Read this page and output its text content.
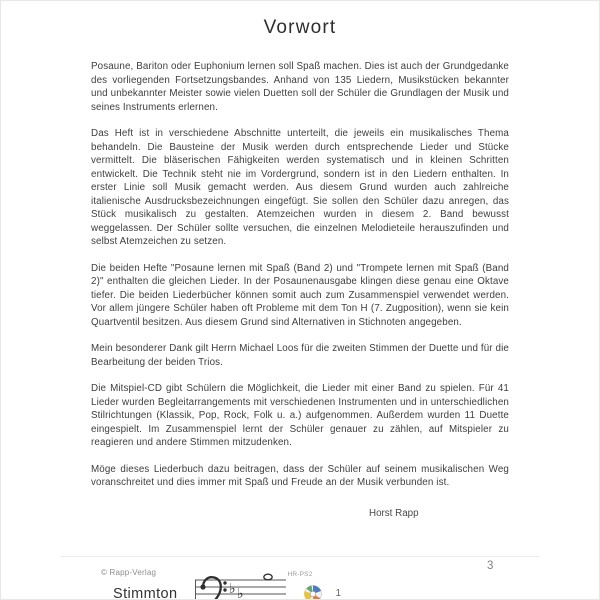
Vorwort

Posaune, Bariton oder Euphonium lernen soll Spaß machen. Dies ist auch der Grundgedanke des vorliegenden Fortsetzungsbandes. Anhand von 135 Liedern, Musikstücken bekannter und unbekannter Meister sowie vielen Duetten soll der Schüler die Grundlagen der Musik und seines Instruments erlernen.

Das Heft ist in verschiedene Abschnitte unterteilt, die jeweils ein musikalisches Thema behandeln. Die Bausteine der Musik werden durch entsprechende Lieder und Stücke vermittelt. Die bläserischen Fähigkeiten werden systematisch und in kleinen Schritten entwickelt. Die Technik steht nie im Vordergrund, sondern ist in den Liedern enthalten. In erster Linie soll Musik gemacht werden. Aus diesem Grund wurden auch zahlreiche italienische Ausdrucksbezeichnungen eingefügt. Sie sollen den Schüler dazu anregen, das Stück musikalisch zu gestalten. Atemzeichen wurden in diesem 2. Band bewusst weggelassen. Der Schüler sollte versuchen, die einzelnen Melodieteile herauszufinden und selbst Atemzeichen zu setzen.

Die beiden Hefte "Posaune lernen mit Spaß (Band 2) und "Trompete lernen mit Spaß (Band 2)" enthalten die gleichen Lieder. In der Posaunenausgabe klingen diese genau eine Oktave tiefer. Die beiden Liederbücher können somit auch zum Zusammenspiel verwendet werden. Vor allem jüngere Schüler haben oft Probleme mit dem Ton H (7. Zugposition), wenn sie kein Quartventil besitzen. Aus diesem Grund sind Alternativen in Stichnoten angegeben.

Mein besonderer Dank gilt Herrn Michael Loos für die zweiten Stimmen der Duette und für die Bearbeitung der beiden Trios.

Die Mitspiel-CD gibt Schülern die Möglichkeit, die Lieder mit einer Band zu spielen. Für 41 Lieder wurden Begleitarrangements mit verschiedenen Instrumenten und in unterschiedlichen Stilrichtungen (Klassik, Pop, Rock, Folk u. a.) aufgenommen. Außerdem wurden 11 Duette eingespielt. Im Zusammenspiel lernt der Schüler genauer zu zählen, auf Mitspieler zu reagieren und andere Stimmen mitzudenken.

Möge dieses Liederbuch dazu beitragen, dass der Schüler auf seinem musikalischen Weg voranschreitet und dies immer mit Spaß und Freude an der Musik verbunden ist.

Horst Rapp
Stimmton	♭ ♭	1
© Rapp-Verlag	HR-PS2
3
